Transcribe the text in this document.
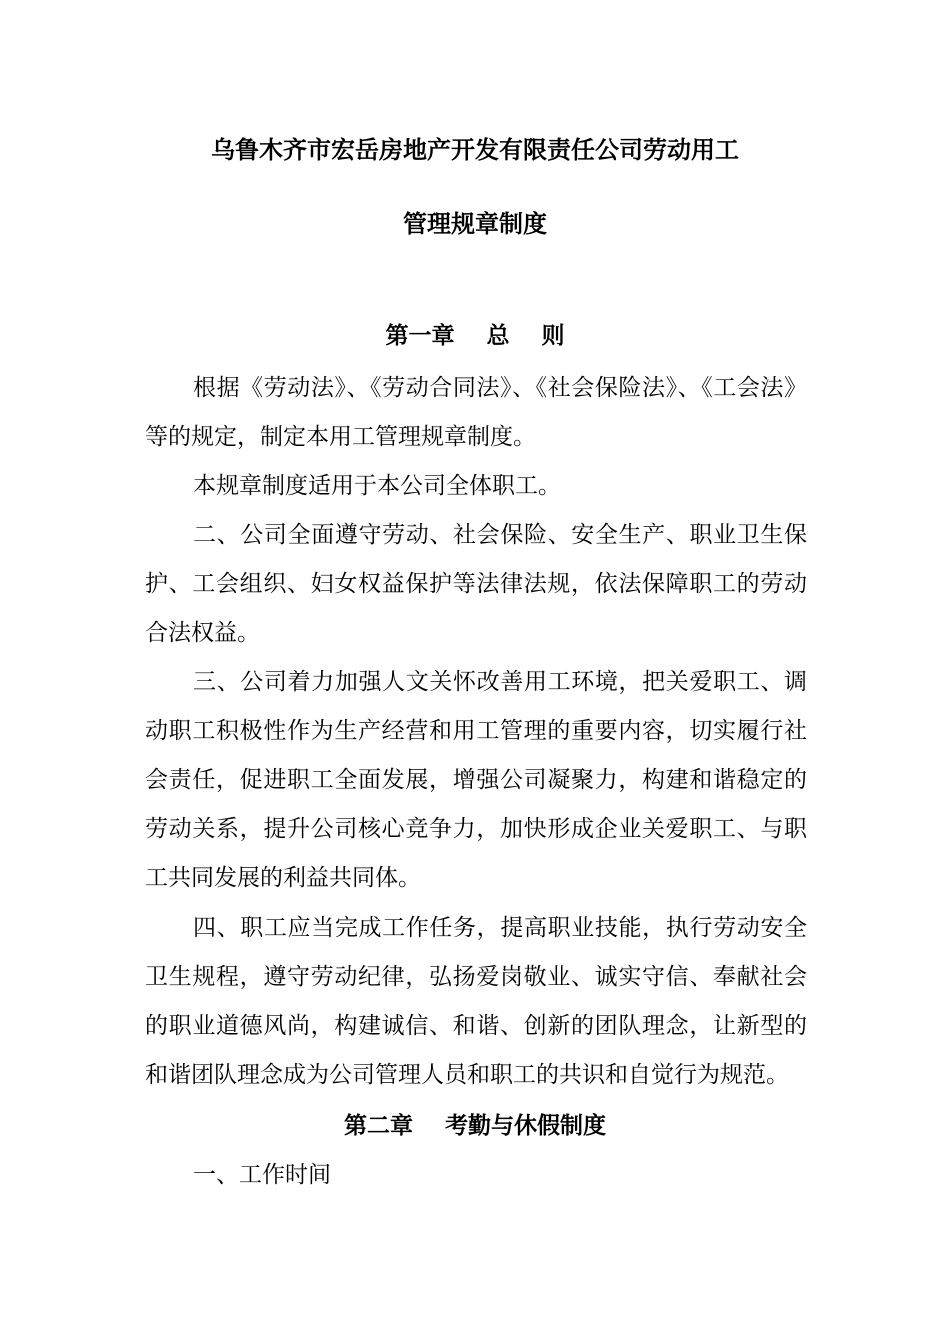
乌鲁木齐市宏岳房地产开发有限责任公司劳动用工
管理规章制度
第一章    总    则

根据《劳动法》、《劳动合同法》、《社会保险法》、《工会法》等的规定，制定本用工管理规章制度。

本规章制度适用于本公司全体职工。

二、公司全面遵守劳动、社会保险、安全生产、职业卫生保护、工会组织、妇女权益保护等法律法规，依法保障职工的劳动合法权益。

三、公司着力加强人文关怀改善用工环境，把关爱职工、调动职工积极性作为生产经营和用工管理的重要内容，切实履行社会责任，促进职工全面发展，增强公司凝聚力，构建和谐稳定的劳动关系，提升公司核心竞争力，加快形成企业关爱职工、与职工共同发展的利益共同体。

四、职工应当完成工作任务，提高职业技能，执行劳动安全卫生规程，遵守劳动纪律，弘扬爱岗敬业、诚实守信、奉献社会的职业道德风尚，构建诚信、和谐、创新的团队理念，让新型的和谐团队理念成为公司管理人员和职工的共识和自觉行为规范。

第二章    考勤与休假制度

一、工作时间
